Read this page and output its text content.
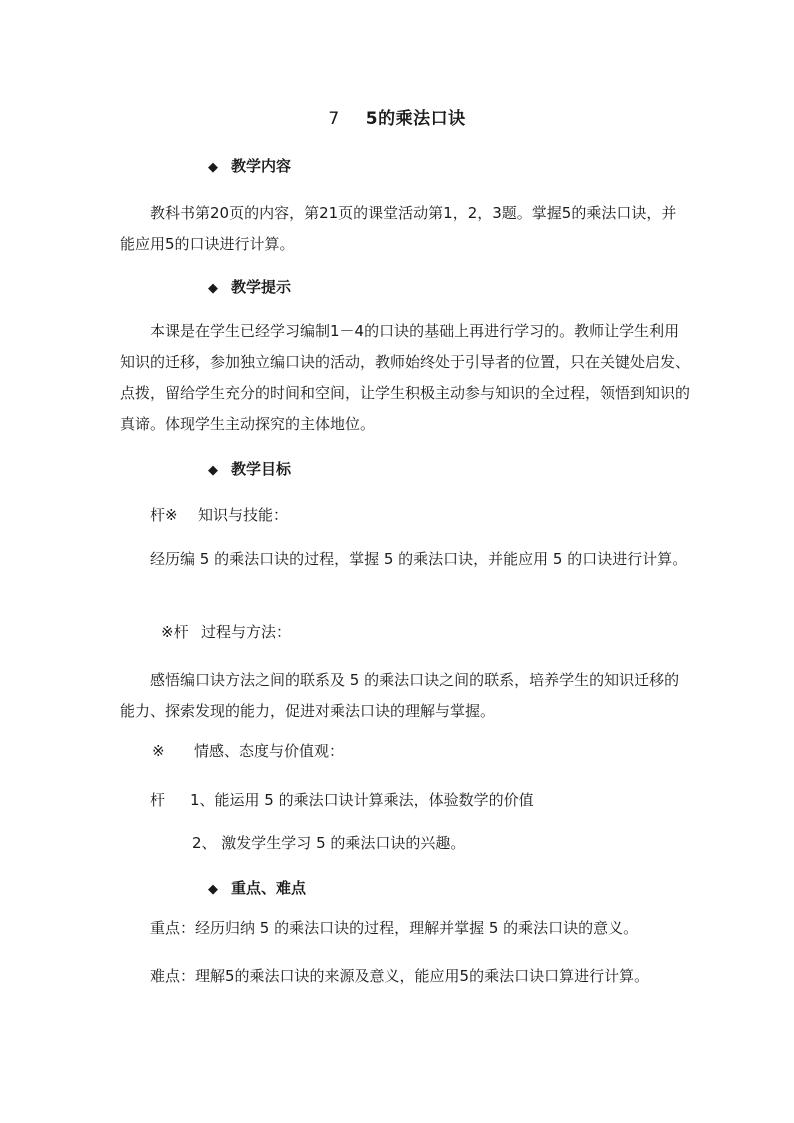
7 5的乘法口诀
◆ 教学内容

教科书第20页的内容，第21页的课堂活动第1，2，3题。掌握5的乘法口诀，并能应用5的口诀进行计算。

◆ 教学提示

本课是在学生已经学习编制1－4的口诀的基础上再进行学习的。教师让学生利用知识的迁移，参加独立编口诀的活动，教师始终处于引导者的位置，只在关键处启发、点拨，留给学生充分的时间和空间，让学生积极主动参与知识的全过程，领悟到知识的真谛。体现学生主动探究的主体地位。

◆ 教学目标
杆※ 知识与技能：

经历编 5 的乘法口诀的过程，掌握 5 的乘法口诀，并能应用 5 的口诀进行计算。

※杆 过程与方法：

感悟编口诀方法之间的联系及 5 的乘法口诀之间的联系，培养学生的知识迁移的能力、探索发现的能力，促进对乘法口诀的理解与掌握。

※ 情感、态度与价值观：
杆 1、能运用 5 的乘法口诀计算乘法，体验数学的价值
2、 激发学生学习 5 的乘法口诀的兴趣。
◆ 重点、难点
重点：经历归纳 5 的乘法口诀的过程，理解并掌握 5 的乘法口诀的意义。
难点：理解5的乘法口诀的来源及意义，能应用5的乘法口诀口算进行计算。
